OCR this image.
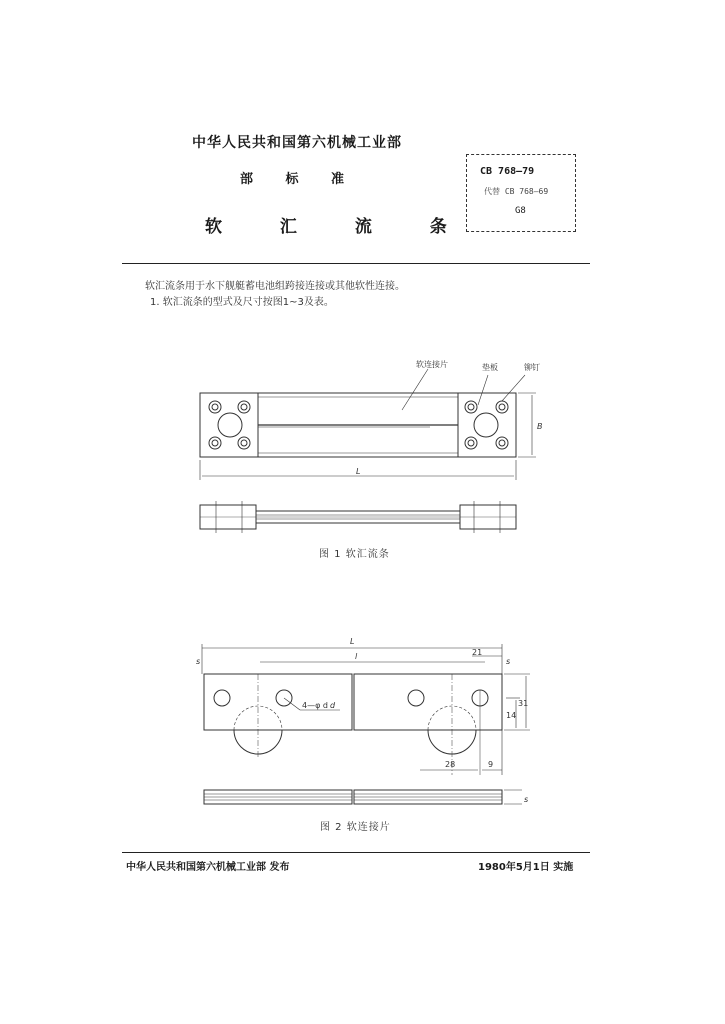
中华人民共和国第六机械工业部
部 标 准
软 汇 流 条
CB 768—79
代替 CB 768—69
G8
软汇流条用于水下舰艇蓄电池组跨接连接或其他软性连接。
1. 软汇流条的型式及尺寸按图1~3及表。
软连接片	垫板	铆钉
L
B
图 1 软汇流条
L
l	21
s	s
4—φ d d	31
14
28	9
s
图 2 软连接片
中华人民共和国第六机械工业部 发布	1980年5月1日 实施
